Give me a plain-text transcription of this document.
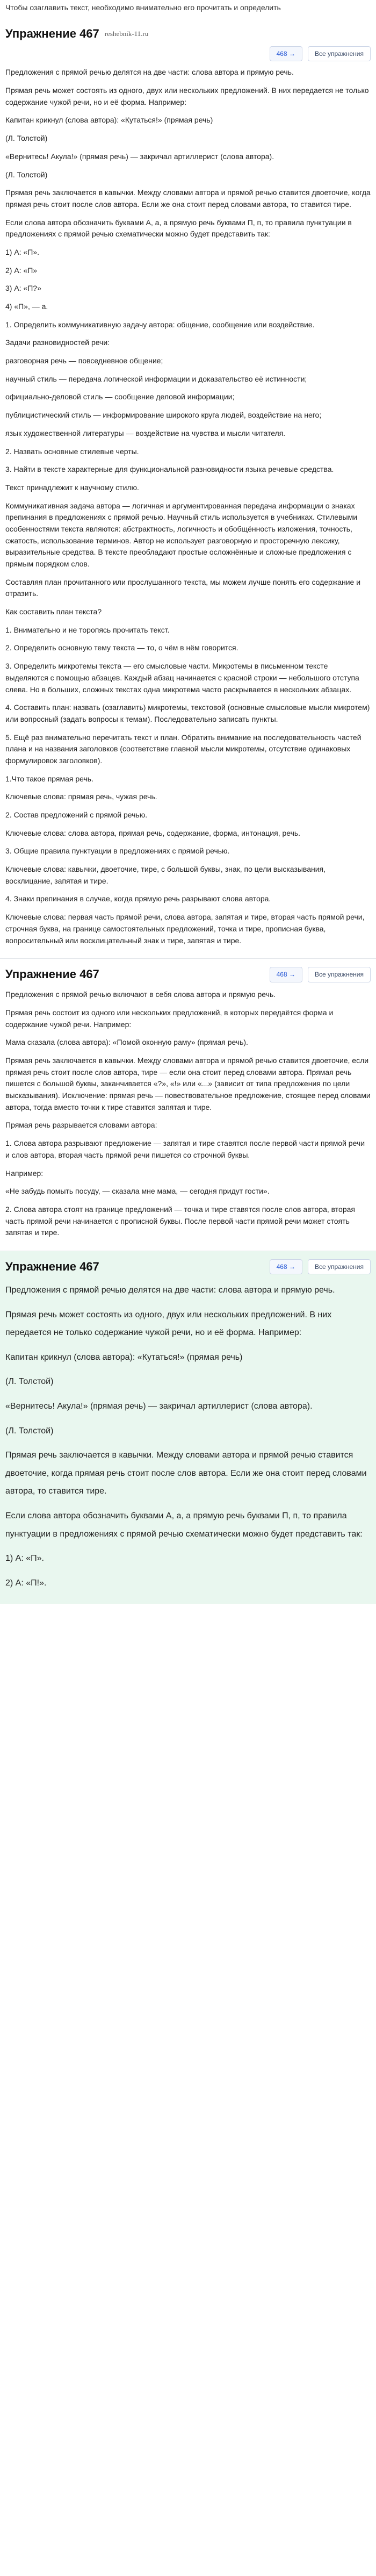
Чтобы озаглавить текст, необходимо внимательно его прочитать и определить
Упражнение 467 reshebnik-11.ru
468 →	Все упражнения

Предложения с прямой речью делятся на две части: слова автора и прямую речь.

Прямая речь может состоять из одного, двух или нескольких предложений. В них передается не только содержание чужой речи, но и её форма. Например:

Капитан крикнул (слова автора): «Кутаться!» (прямая речь)

(Л. Толстой)

«Вернитесь! Акула!» (прямая речь) — закричал артиллерист (слова автора).

(Л. Толстой)

Прямая речь заключается в кавычки. Между словами автора и прямой речью ставится двоеточие, когда прямая речь стоит после слов автора. Если же она стоит перед словами автора, то ставится тире.

Если слова автора обозначить буквами А, а, а прямую речь буквами П, п, то правила пунктуации в предложениях с прямой речью схематически можно будет представить так:

1) А: «П».

2) А: «П»

3) А: «П?»

4) «П», — а.

1. Определить коммуникативную задачу автора: общение, сообщение или воздействие.

Задачи разновидностей речи:

разговорная речь — повседневное общение;

научный стиль — передача логической информации и доказательство её истинности;

официально-деловой стиль — сообщение деловой информации;

публицистический стиль — информирование широкого круга людей, воздействие на него;

язык художественной литературы — воздействие на чувства и мысли читателя.

2. Назвать основные стилевые черты.

3. Найти в тексте характерные для функциональной разновидности языка речевые средства.

Текст принадлежит к научному стилю.

Коммуникативная задача автора — логичная и аргументированная передача информации о знаках препинания в предложениях с прямой речью. Научный стиль используется в учебниках. Стилевыми особенностями текста являются: абстрактность, логичность и обобщённость изложения, точность, сжатость, использование терминов. Автор не использует разговорную и просторечную лексику, выразительные средства. В тексте преобладают простые осложнённые и сложные предложения с прямым порядком слов.

Составляя план прочитанного или прослушанного текста, мы можем лучше понять его содержание и отразить.

Как составить план текста?

1. Внимательно и не торопясь прочитать текст.

2. Определить основную тему текста — то, о чём в нём говорится.

3. Определить микротемы текста — его смысловые части. Микротемы в письменном тексте выделяются с помощью абзацев. Каждый абзац начинается с красной строки — небольшого отступа слева. Но в больших, сложных текстах одна микротема часто раскрывается в нескольких абзацах.

4. Составить план: назвать (озаглавить) микротемы, текстовой (основные смысловые мысли микротем) или вопросный (задать вопросы к темам). Последовательно записать пункты.

5. Ещё раз внимательно перечитать текст и план. Обратить внимание на последовательность частей плана и на названия заголовков (соответствие главной мысли микротемы, отсутствие одинаковых формулировок заголовков).

1.Что такое прямая речь.

Ключевые слова: прямая речь, чужая речь.

2. Состав предложений с прямой речью.

Ключевые слова: слова автора, прямая речь, содержание, форма, интонация, речь.

3. Общие правила пунктуации в предложениях с прямой речью.

Ключевые слова: кавычки, двоеточие, тире, с большой буквы, знак, по цели высказывания, восклицание, запятая и тире.

4. Знаки препинания в случае, когда прямую речь разрывают слова автора.

Ключевые слова: первая часть прямой речи, слова автора, запятая и тире, вторая часть прямой речи, строчная буква, на границе самостоятельных предложений, точка и тире, прописная буква, вопросительный или восклицательный знак и тире, запятая и тире.

Упражнение 467	468 →	Все упражнения

Предложения с прямой речью включают в себя слова автора и прямую речь.

Прямая речь состоит из одного или нескольких предложений, в которых передаётся форма и содержание чужой речи. Например:

Мама сказала (слова автора): «Помой оконную раму» (прямая речь).

Прямая речь заключается в кавычки. Между словами автора и прямой речью ставится двоеточие, если прямая речь стоит после слов автора, тире — если она стоит перед словами автора. Прямая речь пишется с большой буквы, заканчивается «?», «!» или «...» (зависит от типа предложения по цели высказывания). Исключение: прямая речь — повествовательное предложение, стоящее перед словами автора, тогда вместо точки к тире ставится запятая и тире.

Прямая речь разрывается словами автора:

1. Слова автора разрывают предложение — запятая и тире ставятся после первой части прямой речи и слов автора, вторая часть прямой речи пишется со строчной буквы.

Например:

«Не забудь помыть посуду, — сказала мне мама, — сегодня придут гости».

2. Слова автора стоят на границе предложений — точка и тире ставятся после слов автора, вторая часть прямой речи начинается с прописной буквы. После первой части прямой речи может стоять запятая и тире.

Упражнение 467	468 →	Все упражнения

Предложения с прямой речью делятся на две части: слова автора и прямую речь.

Прямая речь может состоять из одного, двух или нескольких предложений. В них передается не только содержание чужой речи, но и её форма. Например:

Капитан крикнул (слова автора): «Кутаться!» (прямая речь)

(Л. Толстой)

«Вернитесь! Акула!» (прямая речь) — закричал артиллерист (слова автора).

(Л. Толстой)

Прямая речь заключается в кавычки. Между словами автора и прямой речью ставится двоеточие, когда прямая речь стоит после слов автора. Если же она стоит перед словами автора, то ставится тире.

Если слова автора обозначить буквами А, а, а прямую речь буквами П, п, то правила пунктуации в предложениях с прямой речью схематически можно будет представить так:

1) А: «П».

2) А: «П!».
